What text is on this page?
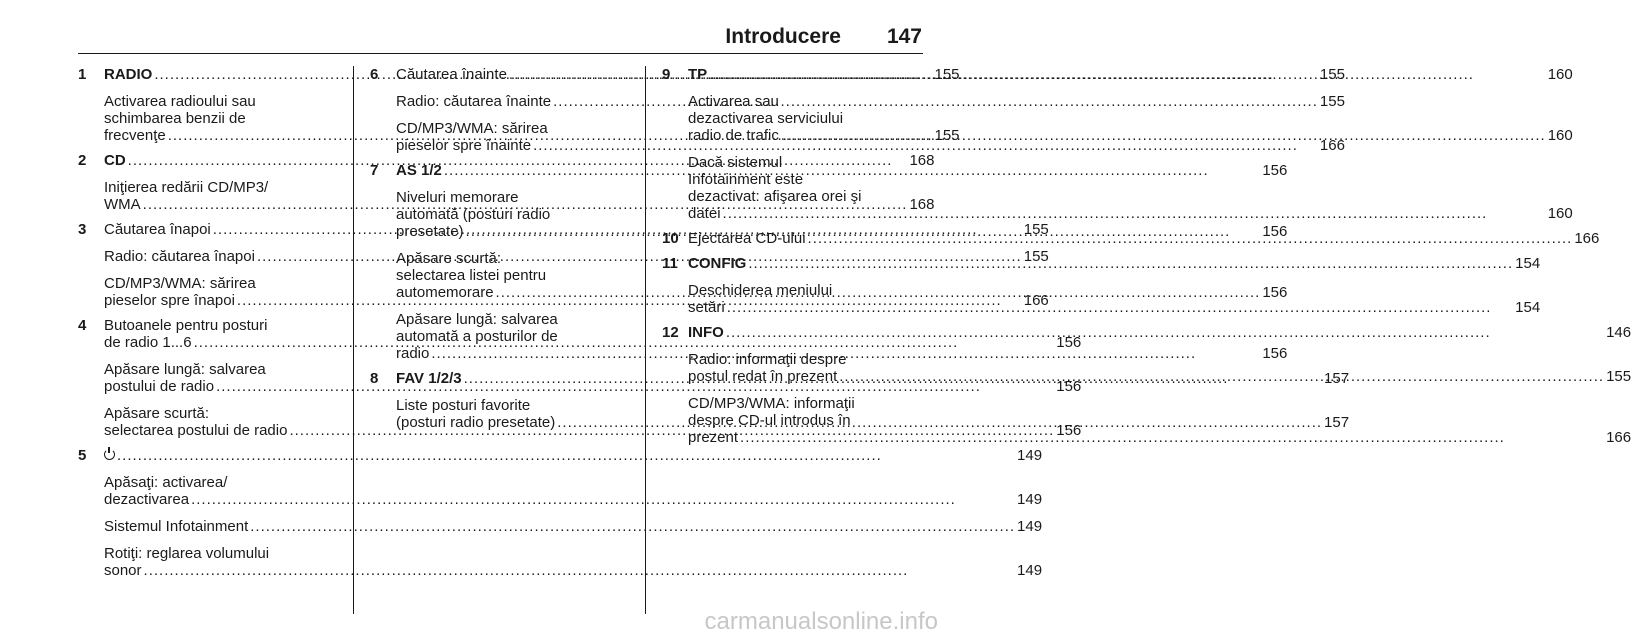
Introducere 147
1	RADIO .....	155
Activarea radioului sau
schimbarea benzii de
frecvenţe .....	155
2	CD .....	168
Iniţierea redării CD/MP3/
WMA .....	168
3	Căutarea înapoi .....	155
Radio: căutarea înapoi .....	155
CD/MP3/WMA: sărirea
pieselor spre înapoi .....	166
4	Butoanele pentru posturi
de radio 1...6 .....	156
Apăsare lungă: salvarea
postului de radio .....	156
Apăsare scurtă:
selectarea postului de radio .....	156
5 .....	149
Apăsaţi: activarea/
dezactivarea .....	149
Sistemul Infotainment .....	149
Rotiţi: reglarea volumului
sonor .....	149
6	Căutarea înainte .....	155
Radio: căutarea înainte .....	155
CD/MP3/WMA: sărirea
pieselor spre înainte .....	166
7	AS 1/2 .....	156
Niveluri memorare
automată (posturi radio
presetate) .....	156
Apăsare scurtă:
selectarea listei pentru
automemorare .....	156
Apăsare lungă: salvarea
automată a posturilor de
radio .....	156
8	FAV 1/2/3 .....	157
Liste posturi favorite
(posturi radio presetate) .....	157
9	TP .....	160
Activarea sau
dezactivarea serviciului
radio de trafic .....	160
Dacă sistemul
Infotainment este
dezactivat: afişarea orei şi
datei .....	160
10 Ejectarea CD-ului .....	166
11 CONFIG .....	154
Deschiderea meniului
setări .....	154
12 INFO .....	146
Radio: informaţii despre
postul redat în prezent .....	155
CD/MP3/WMA: informaţii
despre CD-ul introdus în
prezent .....	166
carmanualsonline.info
